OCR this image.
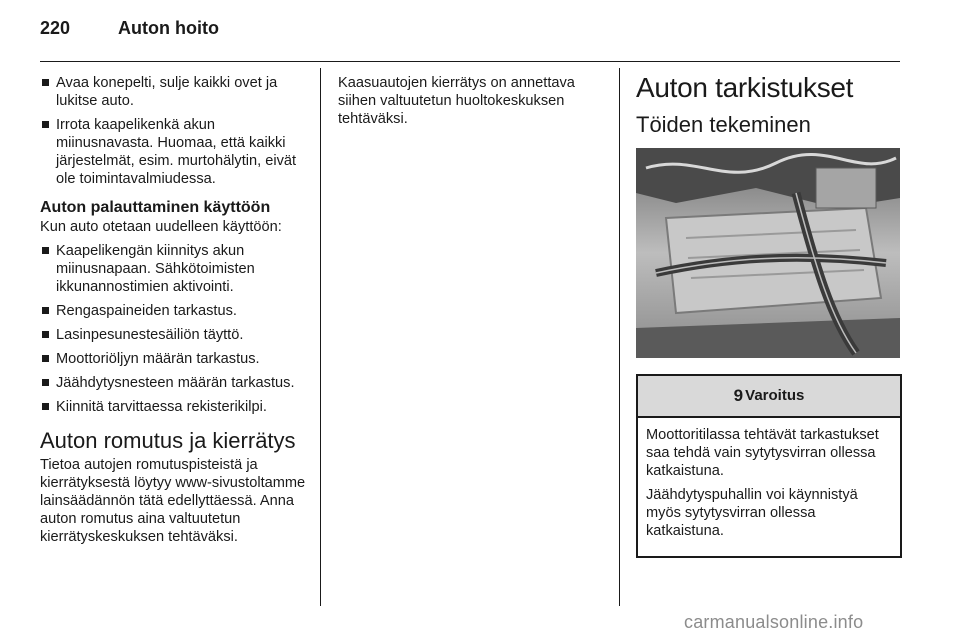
220	Auton hoito
Avaa konepelti, sulje kaikki ovet ja lukitse auto.
Irrota kaapelikenkä akun miinusnavasta. Huomaa, että kaikki järjestelmät, esim. murtohälytin, eivät ole toimintavalmiudessa.
Auton palauttaminen käyttöön

Kun auto otetaan uudelleen käyttöön:

Kaapelikengän kiinnitys akun miinusnapaan. Sähkötoimisten ikkunannostimien aktivointi.
Rengaspaineiden tarkastus.
Lasinpesunestesäiliön täyttö.
Moottoriöljyn määrän tarkastus.
Jäähdytysnesteen määrän tarkastus.
Kiinnitä tarvittaessa rekisterikilpi.
Auton romutus ja kierrätys

Tietoa autojen romutuspisteistä ja kierrätyksestä löytyy www-sivustoltamme lainsäädännön tätä edellyttäessä. Anna auton romutus aina valtuutetun kierrätyskeskuksen tehtäväksi.

Kaasuautojen kierrätys on annettava siihen valtuutetun huoltokeskuksen tehtäväksi.

Auton tarkistukset
Töiden tekeminen
9 Varoitus

Moottoritilassa tehtävät tarkastukset saa tehdä vain sytytysvirran ollessa katkaistuna.

Jäähdytyspuhallin voi käynnistyä myös sytytysvirran ollessa katkaistuna.

carmanualsonline.info
